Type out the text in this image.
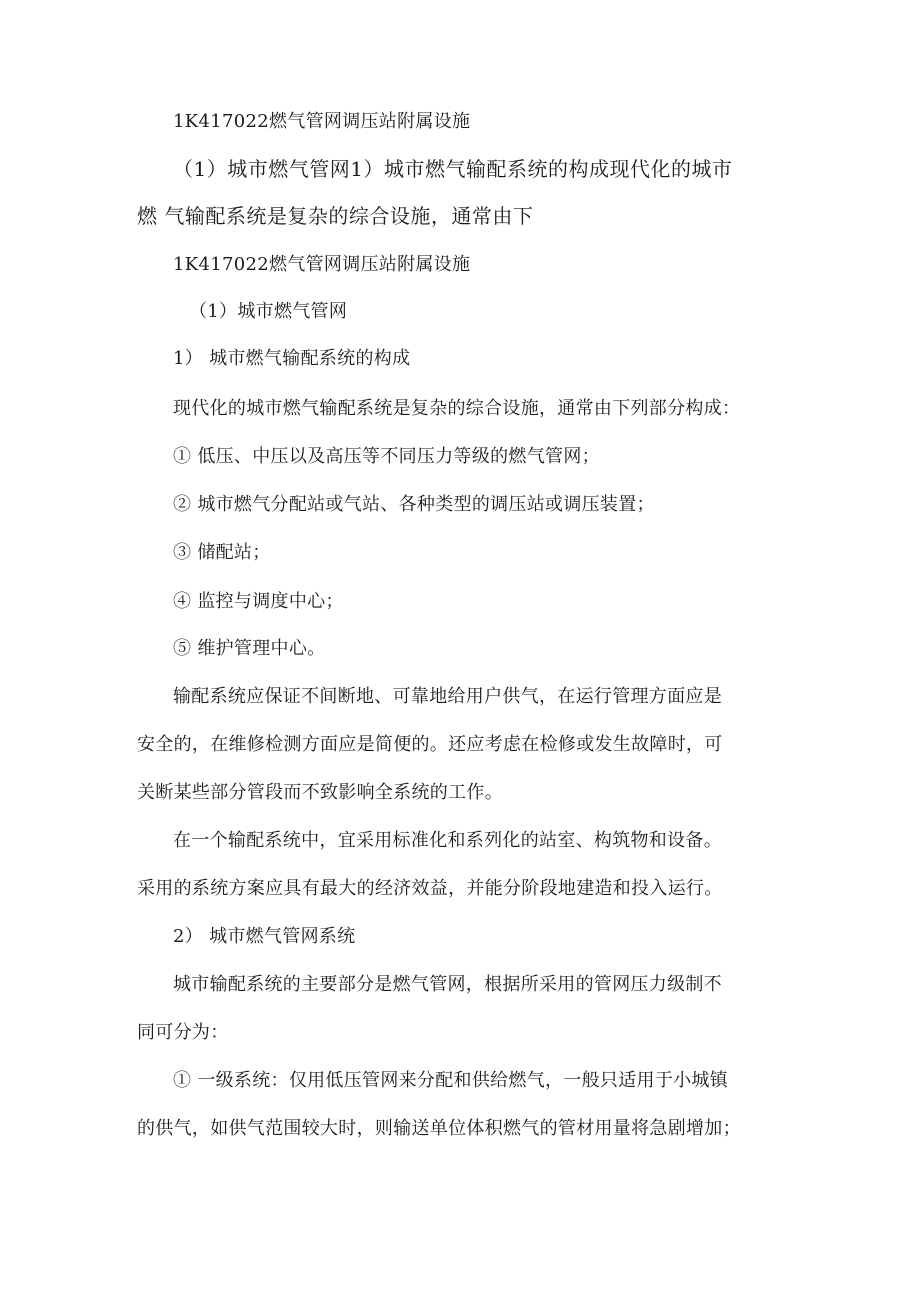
1K417022燃气管网调压站附属设施
（1）城市燃气管网1）城市燃气输配系统的构成现代化的城市
燃 气输配系统是复杂的综合设施，通常由下
1K417022燃气管网调压站附属设施
（1）城市燃气管网
1） 城市燃气输配系统的构成
现代化的城市燃气输配系统是复杂的综合设施，通常由下列部分构成：
① 低压、中压以及高压等不同压力等级的燃气管网；
② 城市燃气分配站或气站、各种类型的调压站或调压装置；
③ 储配站；
④ 监控与调度中心；
⑤ 维护管理中心。
输配系统应保证不间断地、可靠地给用户供气，在运行管理方面应是
安全的，在维修检测方面应是简便的。还应考虑在检修或发生故障时，可
关断某些部分管段而不致影响全系统的工作。
在一个输配系统中，宜采用标准化和系列化的站室、构筑物和设备。
采用的系统方案应具有最大的经济效益，并能分阶段地建造和投入运行。
2） 城市燃气管网系统
城市输配系统的主要部分是燃气管网，根据所采用的管网压力级制不
同可分为：
① 一级系统：仅用低压管网来分配和供给燃气，一般只适用于小城镇
的供气，如供气范围较大时，则输送单位体积燃气的管材用量将急剧增加；
